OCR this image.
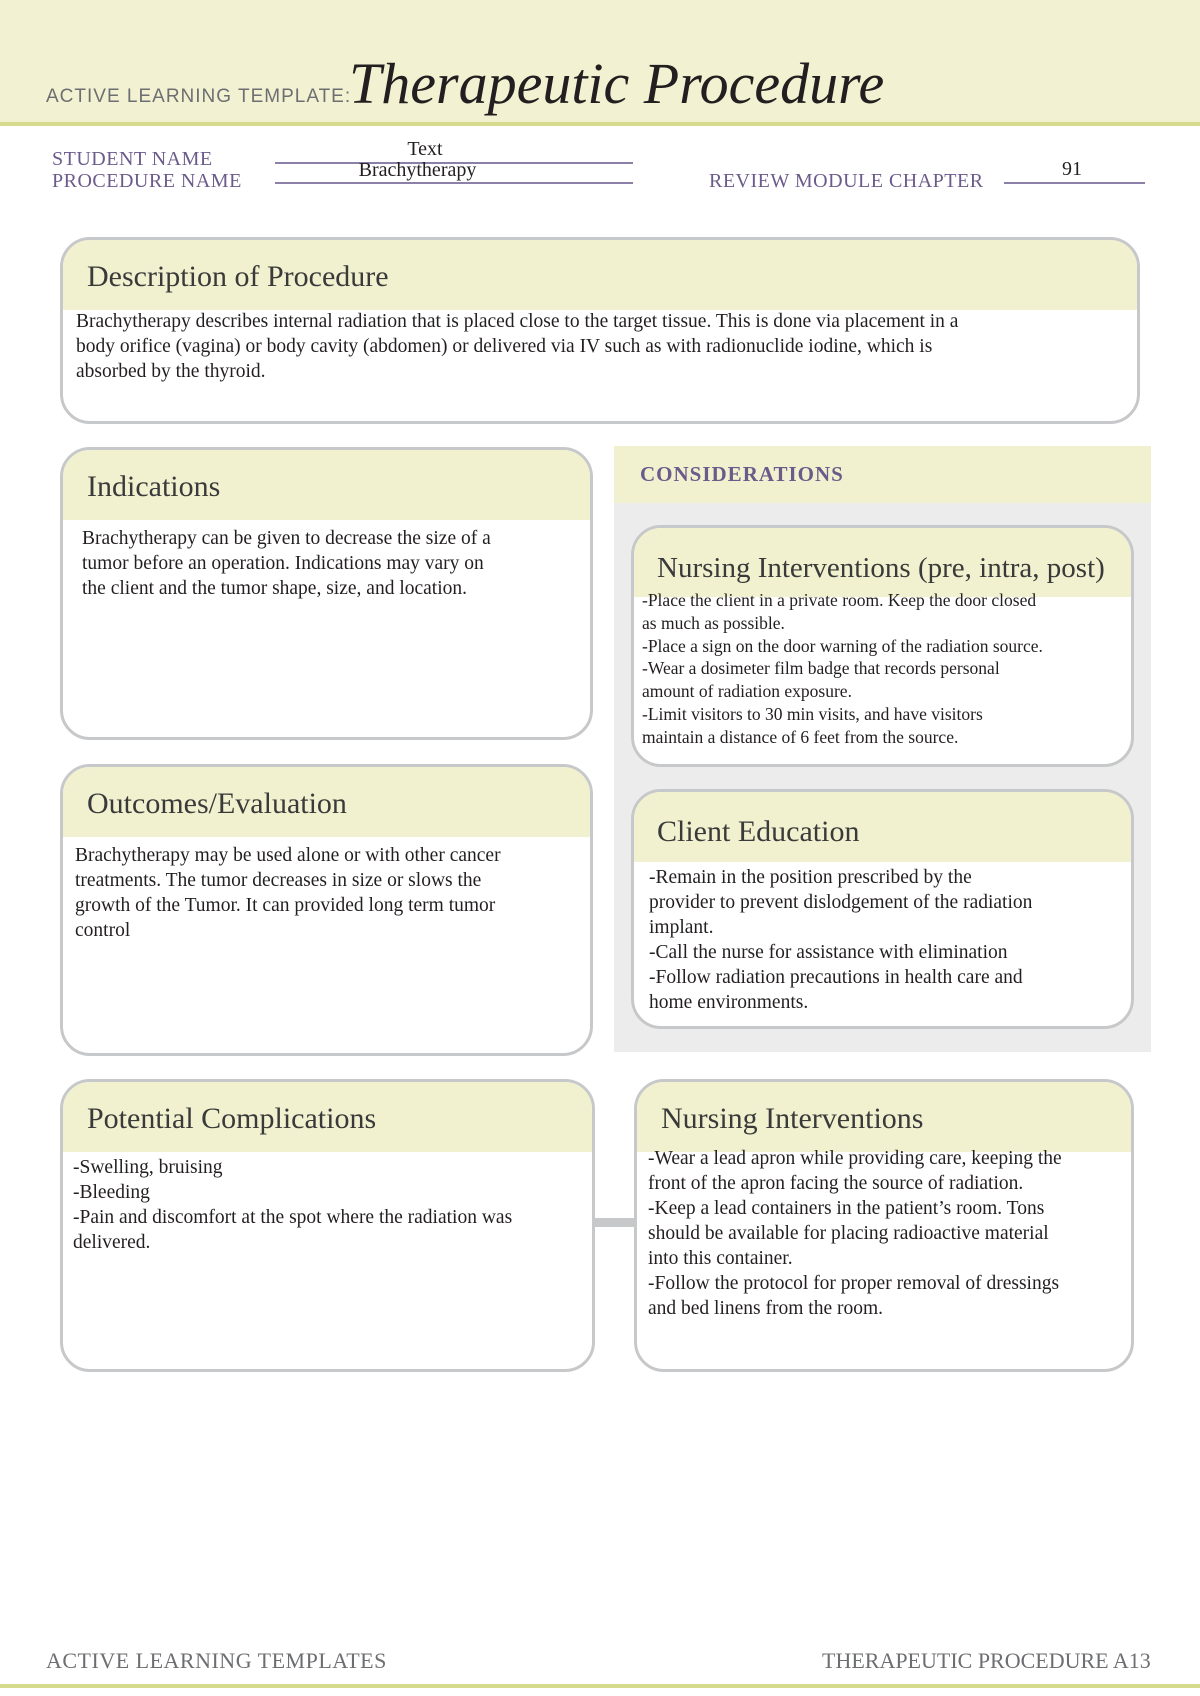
ACTIVE LEARNING TEMPLATE:
Therapeutic Procedure
STUDENT NAME	Text
PROCEDURE NAME	Brachytherapy	REVIEW MODULE CHAPTER
91
Description of Procedure
Brachytherapy describes internal radiation that is placed close to the target tissue. This is done via placement in a
body orifice (vagina) or body cavity (abdomen) or delivered via IV such as with radionuclide iodine, which is
absorbed by the thyroid.
CONSIDERATIONS
Indications
Brachytherapy can be given to decrease the size of a
tumor before an operation. Indications may vary on
the client and the tumor shape, size, and location.
Outcomes/Evaluation
Brachytherapy may be used alone or with other cancer
treatments. The tumor decreases in size or slows the
growth of the Tumor. It can provided long term tumor
control
Nursing Interventions (pre, intra, post)
-Place the client in a private room. Keep the door closed
as much as possible.
-Place a sign on the door warning of the radiation source.
-Wear a dosimeter film badge that records personal
amount of radiation exposure.
-Limit visitors to 30 min visits, and have visitors
maintain a distance of 6 feet from the source.
Client Education
-Remain in the position prescribed by the
provider to prevent dislodgement of the radiation
implant.
-Call the nurse for assistance with elimination
-Follow radiation precautions in health care and
home environments.
Potential Complications
-Swelling, bruising
-Bleeding
-Pain and discomfort at the spot where the radiation was
delivered.
Nursing Interventions
-Wear a lead apron while providing care, keeping the
front of the apron facing the source of radiation.
-Keep a lead containers in the patient’s room. Tons
should be available for placing radioactive material
into this container.
-Follow the protocol for proper removal of dressings
and bed linens from the room.
ACTIVE LEARNING TEMPLATES	THERAPEUTIC PROCEDURE A13
